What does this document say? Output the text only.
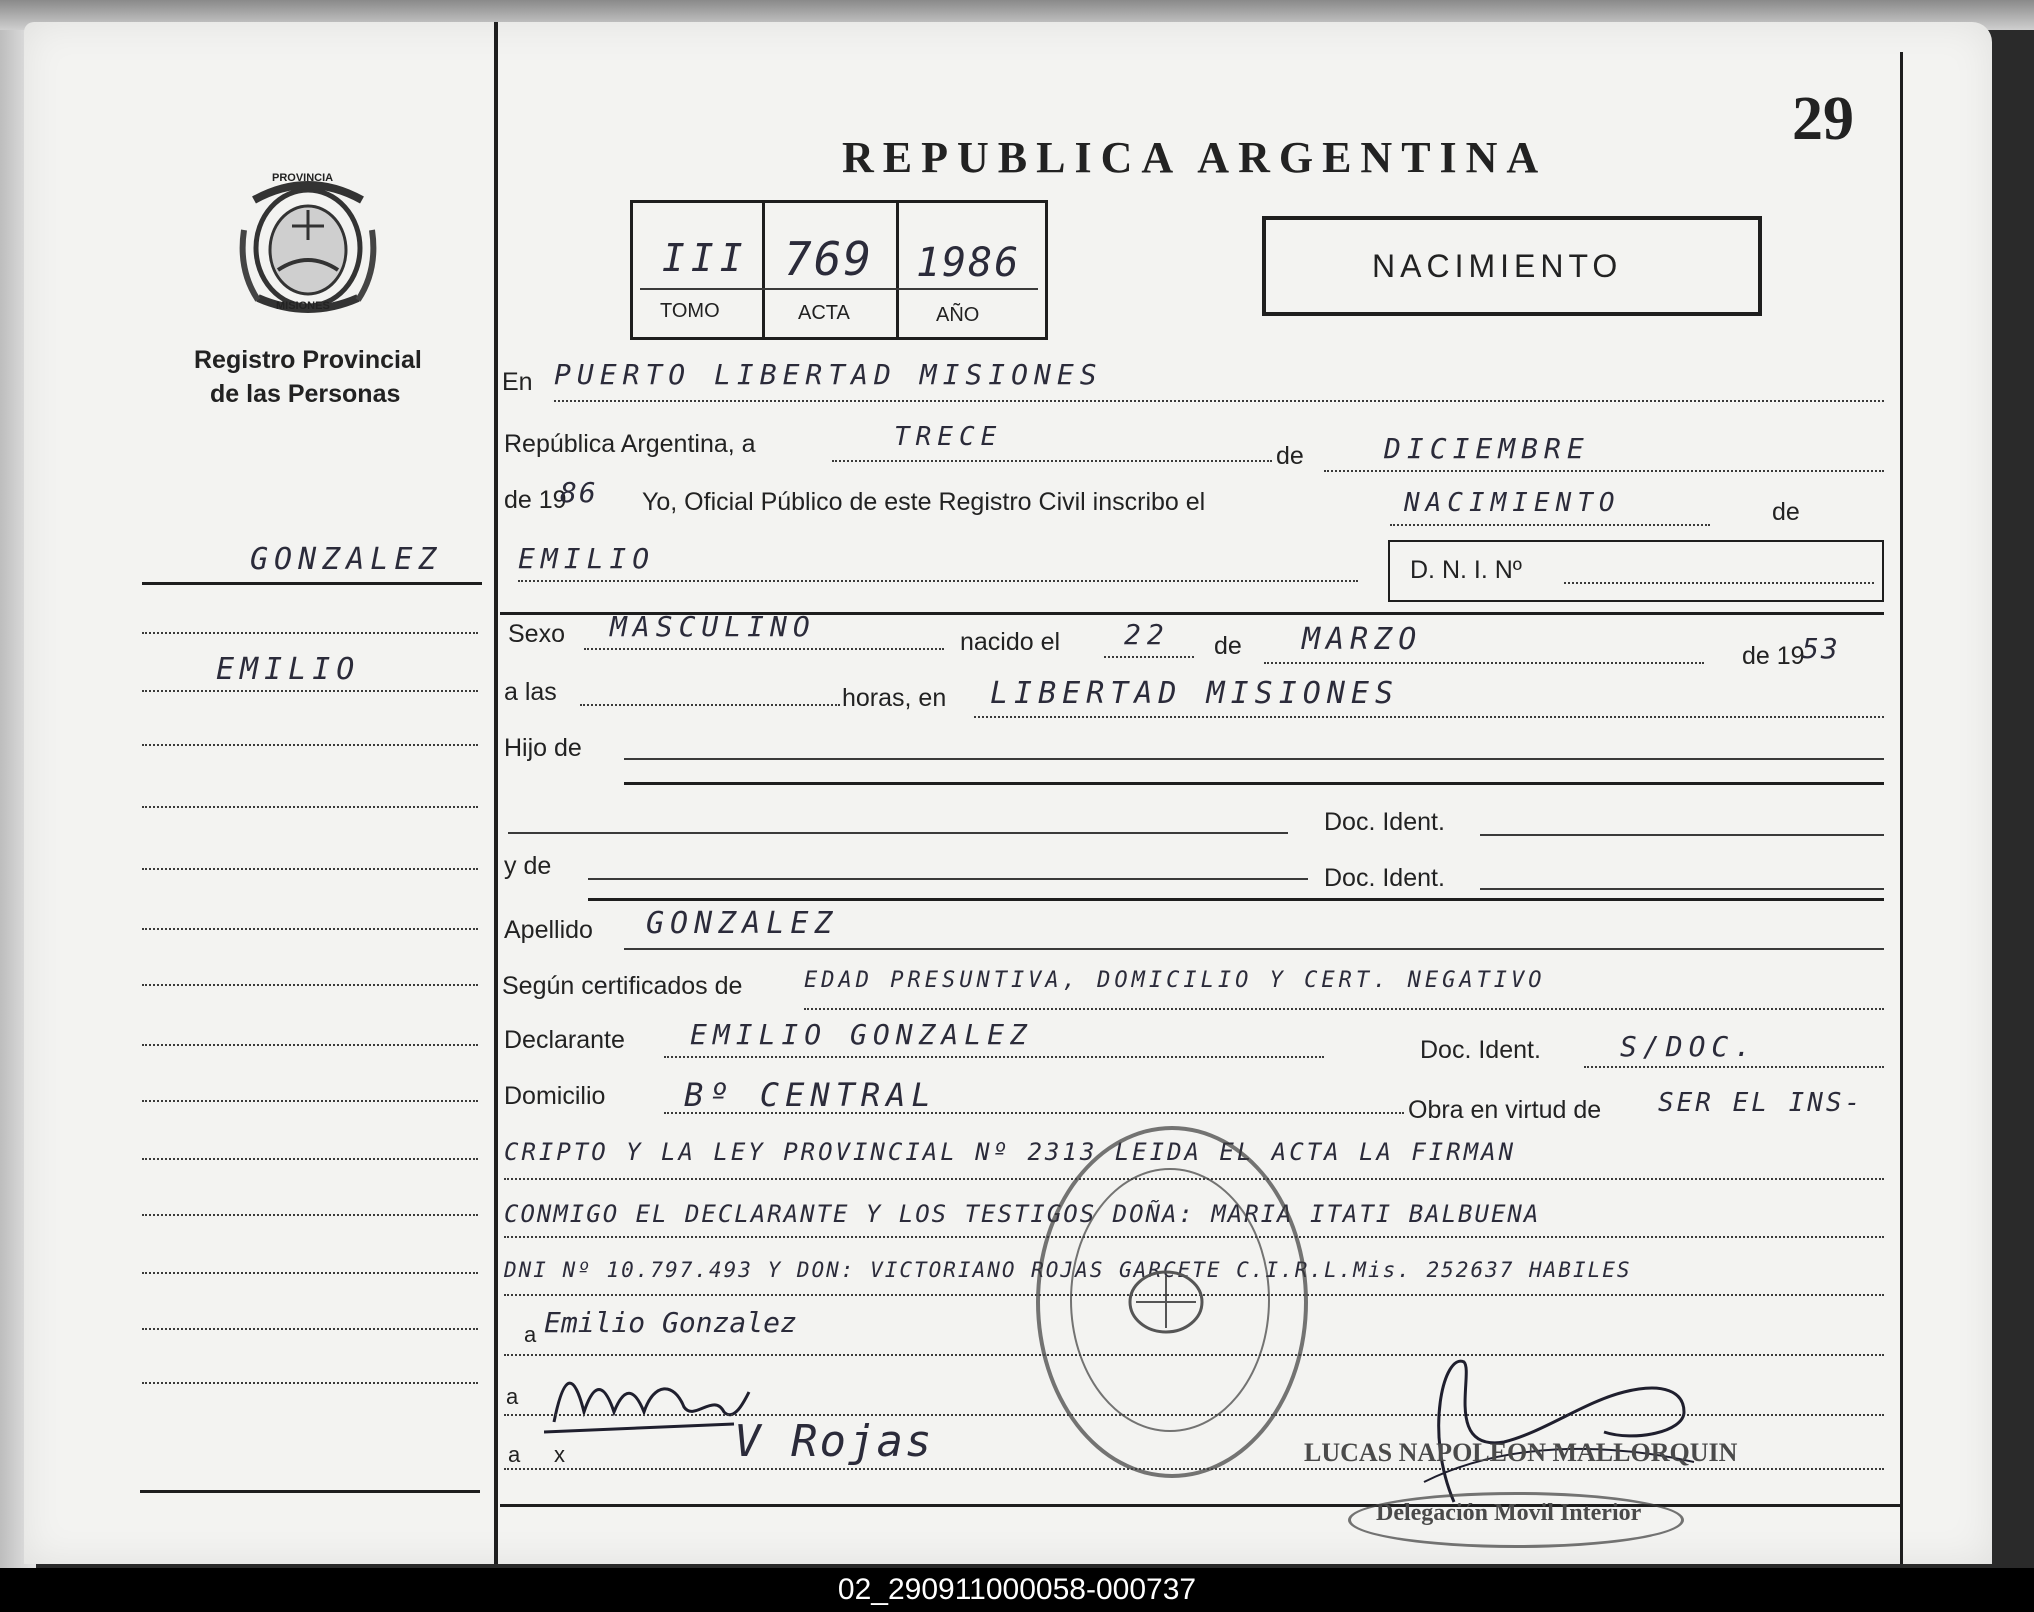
29
PROVINCIA
MISIONES
Registro Provincial
de las Personas
GONZALEZ
EMILIO
REPUBLICA ARGENTINA
III 769 1986
TOMO	ACTA	AÑO
NACIMIENTO
En PUERTO LIBERTAD MISIONES
República Argentina, a	TRECE
de	DICIEMBRE
de 19
86 Yo, Oficial Público de este Registro Civil inscribo el	NACIMIENTO	de
EMILIO	D. N. I. Nº
Sexo MASCULINO	nacido el 22 de MARZO	de 19
53
a las	horas, en LIBERTAD MISIONES
Hijo de
Doc. Ident.
y de	Doc. Ident.
Apellido GONZALEZ
Según certificados de	EDAD PRESUNTIVA, DOMICILIO Y CERT. NEGATIVO
Declarante EMILIO GONZALEZ	Doc. Ident.	S/DOC.
Domicilio Bº CENTRAL	Obra en virtud de SER EL INS-
CRIPTO Y LA LEY PROVINCIAL Nº 2313 LEIDA EL ACTA LA FIRMAN
CONMIGO EL DECLARANTE Y LOS TESTIGOS DOÑA: MARIA ITATI BALBUENA
DNI Nº 10.797.493 Y DON: VICTORIANO ROJAS GARCETE C.I.R.L.Mis. 252637 HABILES
a Emilio Gonzalez
a
a x	V Rojas	LUCAS NAPOLEON MALLORQUIN
Delegación Movil Interior
02_290911000058-000737
